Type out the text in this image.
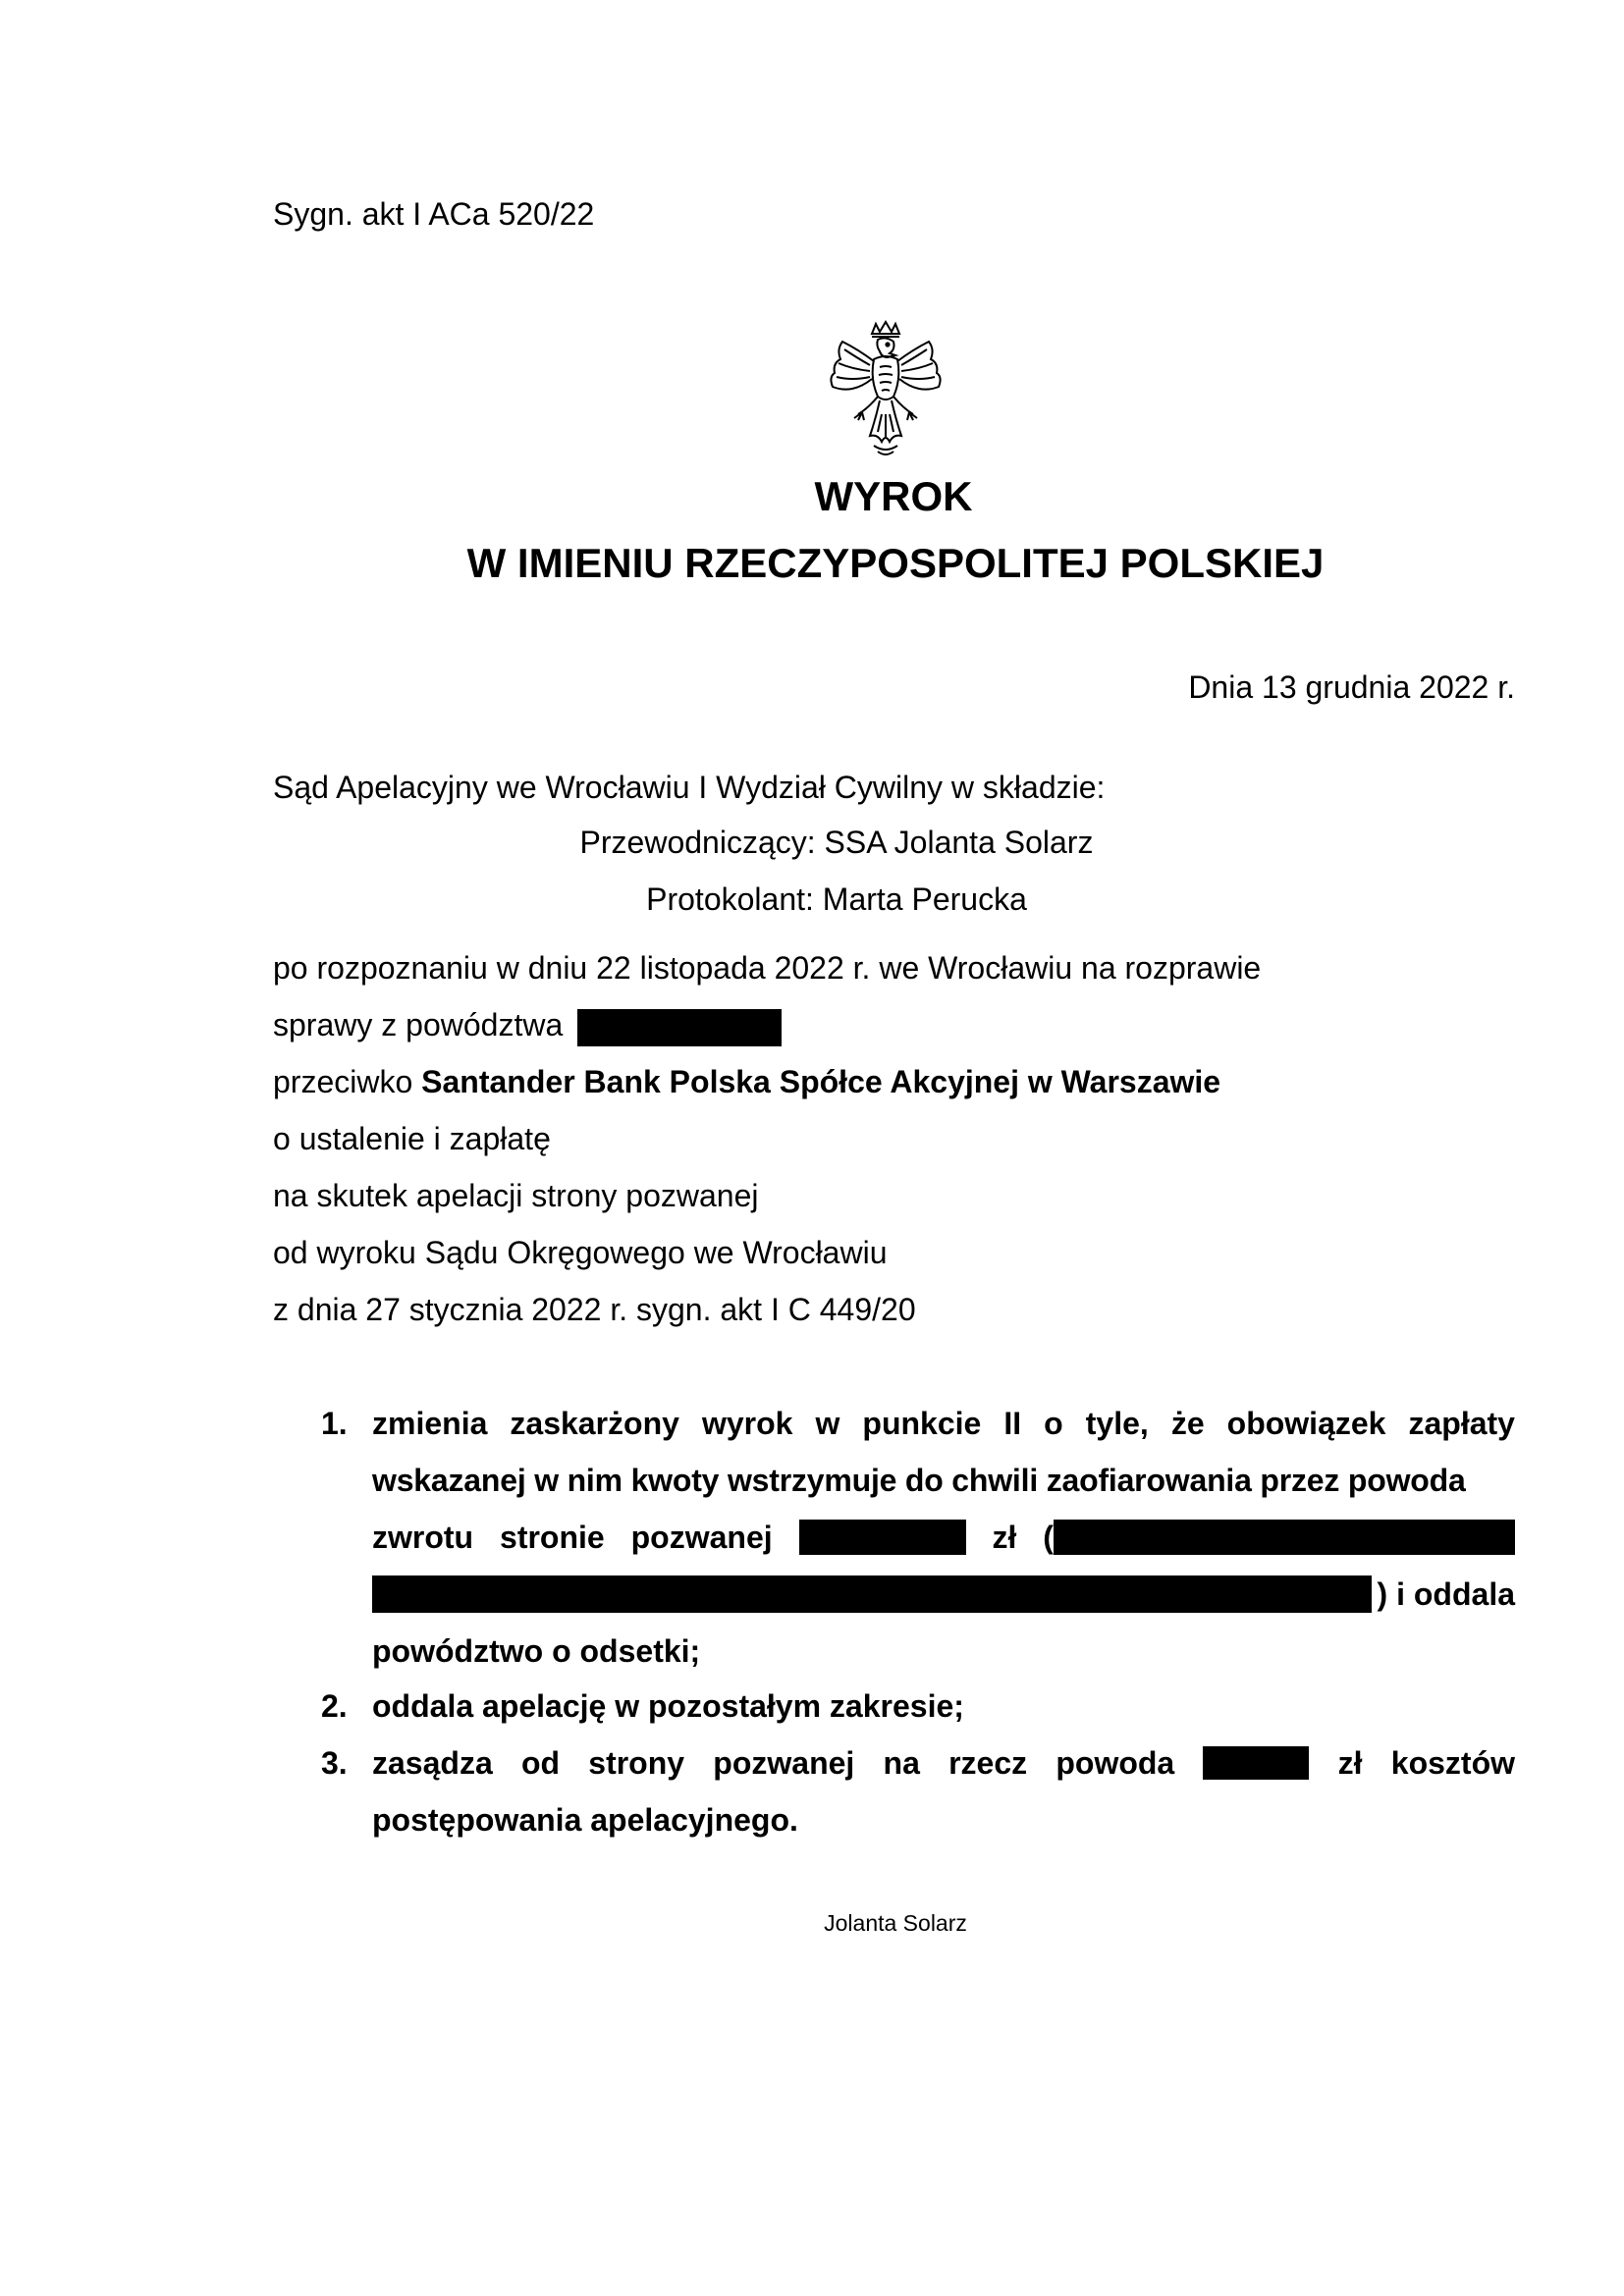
Sygn. akt I ACa 520/22
WYROK
W IMIENIU RZECZYPOSPOLITEJ POLSKIEJ
Dnia 13 grudnia 2022 r.
Sąd Apelacyjny we Wrocławiu I Wydział Cywilny w składzie:
Przewodniczący: SSA Jolanta Solarz
Protokolant: Marta Perucka
po rozpoznaniu w dniu 22 listopada 2022 r. we Wrocławiu na rozprawie
sprawy z powództwa
przeciwko Santander Bank Polska Spółce Akcyjnej w Warszawie
o ustalenie i zapłatę
na skutek apelacji strony pozwanej
od wyroku Sądu Okręgowego we Wrocławiu
z dnia 27 stycznia 2022 r. sygn. akt I C 449/20
1. zmienia zaskarżony wyrok w punkcie II o tyle, że obowiązek zapłaty
wskazanej w nim kwoty wstrzymuje do chwili zaofiarowania przez powoda
zwrotu stronie pozwanej	zł (
) i oddala
powództwo o odsetki;
2. oddala apelację w pozostałym zakresie;
3. zasądza od strony pozwanej na rzecz powoda	zł kosztów
postępowania apelacyjnego.
Jolanta Solarz
